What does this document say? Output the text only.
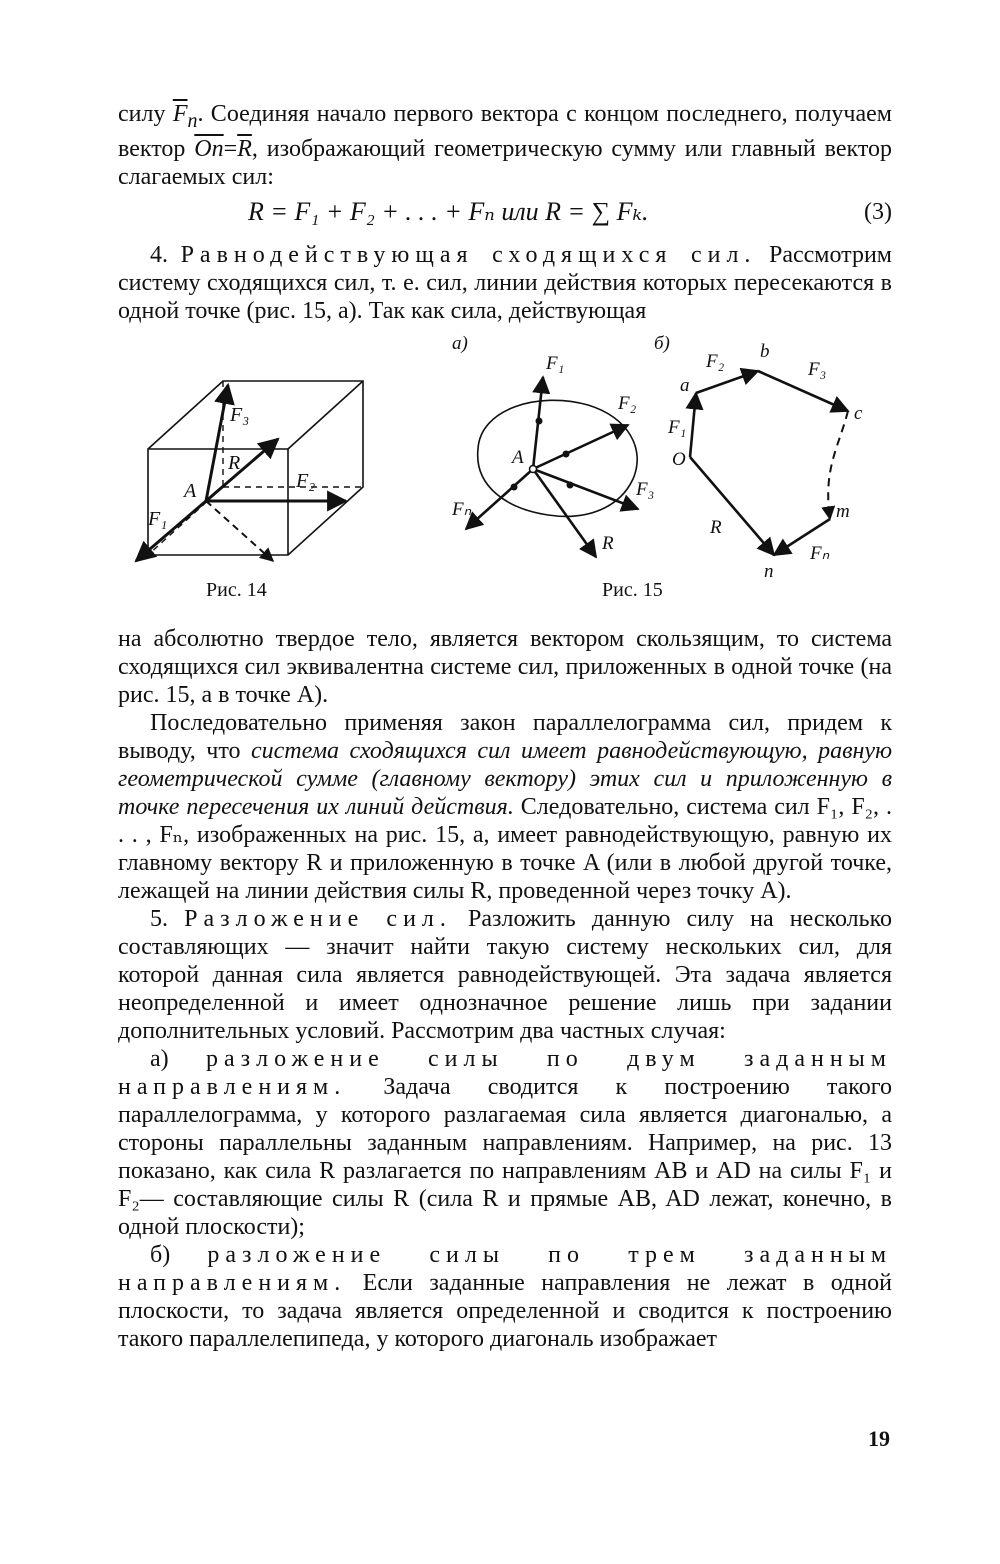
силу $\overline{F}_n$. Соединяя начало первого вектора с концом последнего, получаем вектор $\overline{On}=\overline{R}$, изображающий геометрическую сумму или главный вектор слагаемых сил:

R = F₁ + F₂ + . . . + Fₙ или R = ∑ Fₖ.	(3)

4. Равнодействующая сходящихся сил. Рассмотрим систему сходящихся сил, т. е. сил, линии действия которых пересекаются в одной точке (рис. 15, а). Так как сила, действующая

A
F₁
F₂
F₃
R
а)
A
F₁
F₂
F₃
Fₙ
R
б)
O
a
b
c
m
n
F₁
F₂	F₃
Fₙ
R
Рис. 14	Рис. 15

на абсолютно твердое тело, является вектором скользящим, то система сходящихся сил эквивалентна системе сил, приложенных в одной точке (на рис. 15, а в точке A).

Последовательно применяя закон параллелограмма сил, придем к выводу, что система сходящихся сил имеет равнодействующую, равную геометрической сумме (главному вектору) этих сил и приложенную в точке пересечения их линий действия. Следовательно, система сил F₁, F₂, . . . , Fₙ, изображенных на рис. 15, а, имеет равнодействующую, равную их главному вектору R и приложенную в точке A (или в любой другой точке, лежащей на линии действия силы R, проведенной через точку A).

5. Разложение сил. Разложить данную силу на несколько составляющих — значит найти такую систему нескольких сил, для которой данная сила является равнодействующей. Эта задача является неопределенной и имеет однозначное решение лишь при задании дополнительных условий. Рассмотрим два частных случая:

а) разложение силы по двум заданным направлениям. Задача сводится к построению такого параллелограмма, у которого разлагаемая сила является диагональю, а стороны параллельны заданным направлениям. Например, на рис. 13 показано, как сила R разлагается по направлениям AB и AD на силы F₁ и F₂— составляющие силы R (сила R и прямые AB, AD лежат, конечно, в одной плоскости);

б) разложение силы по трем заданным направлениям. Если заданные направления не лежат в одной плоскости, то задача является определенной и сводится к построению такого параллелепипеда, у которого диагональ изображает

19
